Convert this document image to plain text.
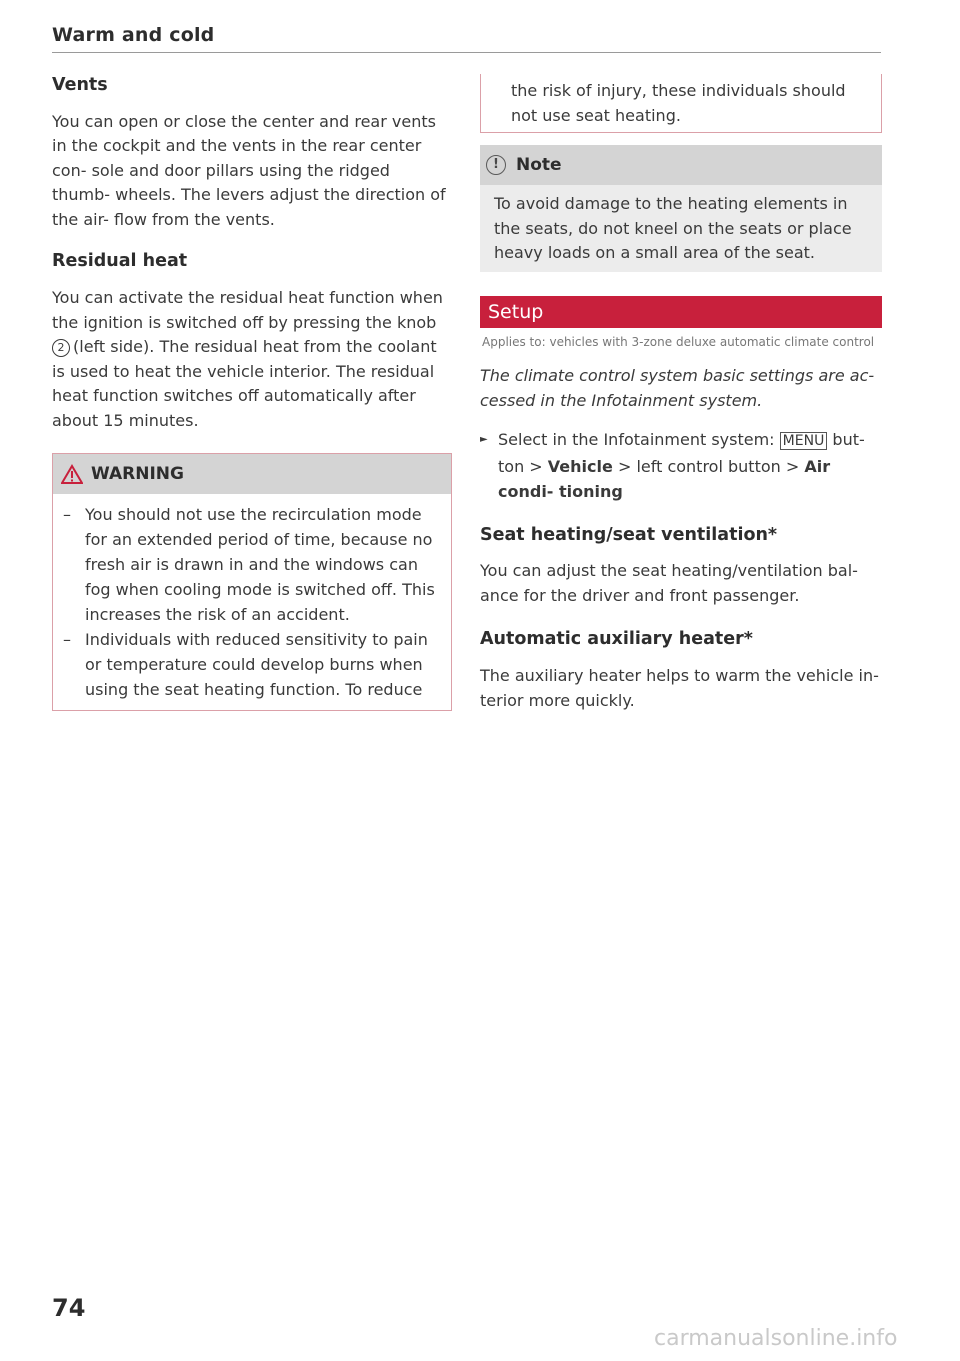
Warm and cold
Vents

You can open or close the center and rear vents in the cockpit and the vents in the rear center con- sole and door pillars using the ridged thumb- wheels. The levers adjust the direction of the air- flow from the vents.

Residual heat

You can activate the residual heat function when the ignition is switched off by pressing the knob 2 (left side). The residual heat from the coolant is used to heat the vehicle interior. The residual heat function switches off automatically after about 15 minutes.

WARNING
– You should not use the recirculation mode for an extended period of time, because no fresh air is drawn in and the windows can fog when cooling mode is switched off. This increases the risk of an accident.
– Individuals with reduced sensitivity to pain or temperature could develop burns when using the seat heating function. To reduce
the risk of injury, these individuals should not use seat heating.
!	Note
To avoid damage to the heating elements in the seats, do not kneel on the seats or place heavy loads on a small area of the seat.
Setup
Applies to: vehicles with 3-zone deluxe automatic climate control

The climate control system basic settings are ac- cessed in the Infotainment system.

► Select in the Infotainment system: MENU but- ton > Vehicle > left control button > Air condi- tioning
Seat heating/seat ventilation*

You can adjust the seat heating/ventilation bal- ance for the driver and front passenger.

Automatic auxiliary heater*

The auxiliary heater helps to warm the vehicle in- terior more quickly.

74
carmanualsonline.info
